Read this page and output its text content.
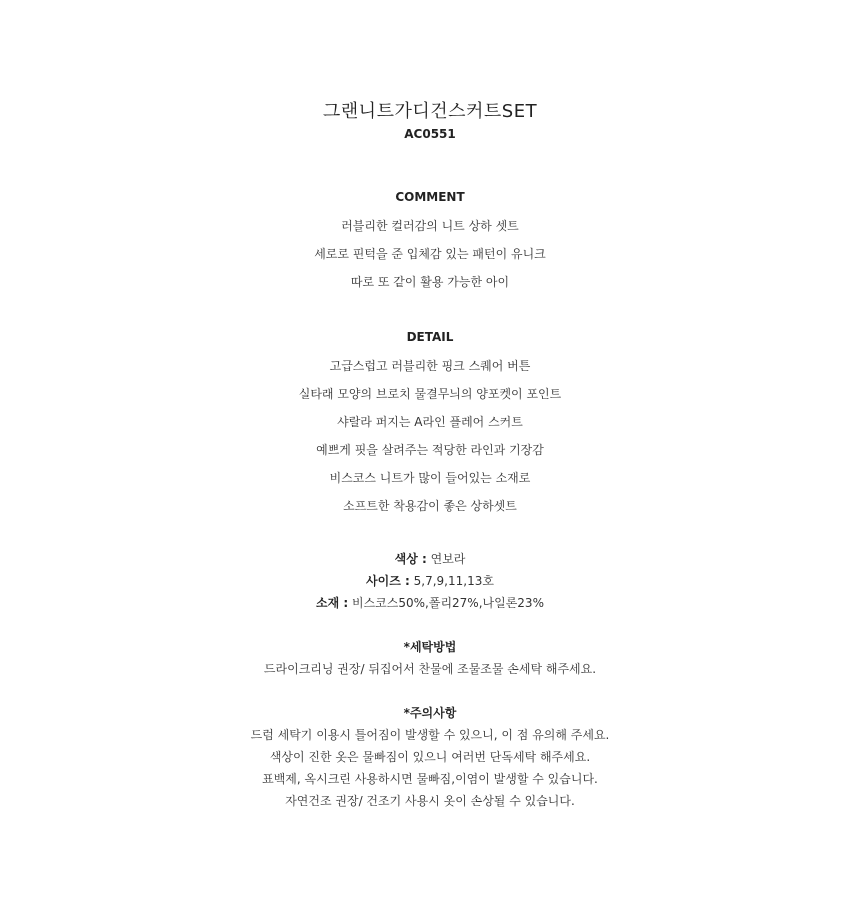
그랜니트가디건스커트SET
AC0551
COMMENT
러블리한 컬러감의 니트 상하 셋트
세로로 핀턱을 준 입체감 있는 패턴이 유니크
따로 또 같이 활용 가능한 아이
DETAIL
고급스럽고 러블리한 핑크 스퀘어 버튼
실타래 모양의 브로치 물결무늬의 양포켓이 포인트
샤랄라 퍼지는 A라인 플레어 스커트
예쁘게 핏을 살려주는 적당한 라인과 기장감
비스코스 니트가 많이 들어있는 소재로
소프트한 착용감이 좋은 상하셋트
색상 : 연보라
사이즈 : 5,7,9,11,13호
소재 : 비스코스50%,폴리27%,나일론23%
*세탁방법
드라이크리닝 권장/ 뒤집어서 찬물에 조물조물 손세탁 해주세요.
*주의사항
드럼 세탁기 이용시 틀어짐이 발생할 수 있으니, 이 점 유의해 주세요.
색상이 진한 옷은 물빠짐이 있으니 여러번 단독세탁 해주세요.
표백제, 옥시크린 사용하시면 물빠짐,이염이 발생할 수 있습니다.
자연건조 권장/ 건조기 사용시 옷이 손상될 수 있습니다.
